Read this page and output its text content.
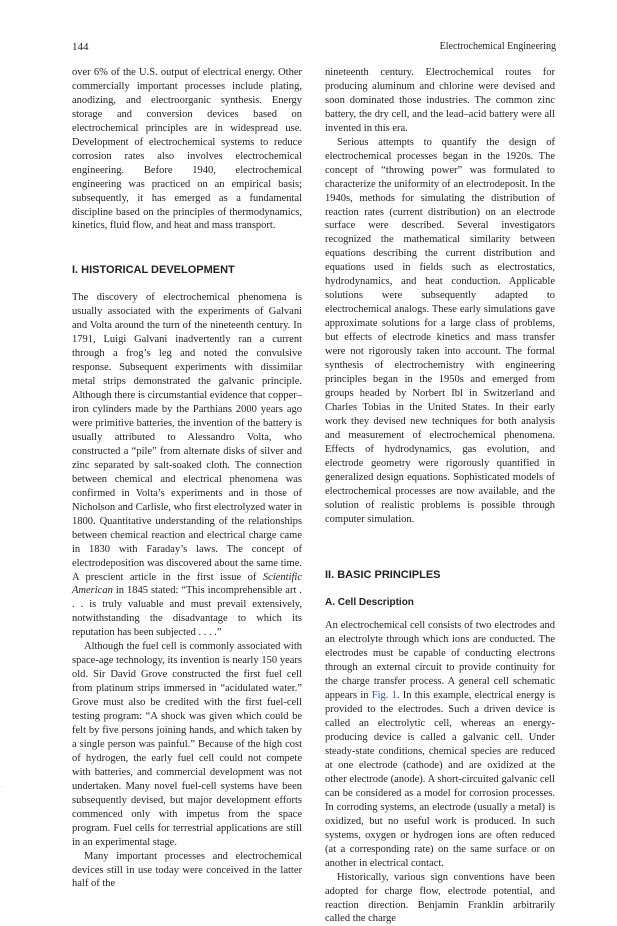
144	Electrochemical Engineering

over 6% of the U.S. output of electrical energy. Other commercially important processes include plating, anodizing, and electroorganic synthesis. Energy storage and conversion devices based on electrochemical principles are in widespread use. Development of electrochemical systems to reduce corrosion rates also involves electrochemical engineering. Before 1940, electrochemical engineering was practiced on an empirical basis; subsequently, it has emerged as a fundamental discipline based on the principles of thermodynamics, kinetics, fluid flow, and heat and mass transport.

I. HISTORICAL DEVELOPMENT

The discovery of electrochemical phenomena is usually associated with the experiments of Galvani and Volta around the turn of the nineteenth century. In 1791, Luigi Galvani inadvertently ran a current through a frog’s leg and noted the convulsive response. Subsequent experiments with dissimilar metal strips demonstrated the galvanic principle. Although there is circumstantial evidence that copper–iron cylinders made by the Parthians 2000 years ago were primitive batteries, the invention of the battery is usually attributed to Alessandro Volta, who constructed a “pile” from alternate disks of silver and zinc separated by salt-soaked cloth. The connection between chemical and electrical phenomena was confirmed in Volta’s experiments and in those of Nicholson and Carlisle, who first electrolyzed water in 1800. Quantitative understanding of the relationships between chemical reaction and electrical charge came in 1830 with Faraday’s laws. The concept of electrodeposition was discovered about the same time. A prescient article in the first issue of Scientific American in 1845 stated: “This incomprehensible art . . . is truly valuable and must prevail extensively, notwithstanding the disadvantage to which its reputation has been subjected . . . .”

Although the fuel cell is commonly associated with space-age technology, its invention is nearly 150 years old. Sir David Grove constructed the first fuel cell from platinum strips immersed in “acidulated water.” Grove must also be credited with the first fuel-cell testing program: “A shock was given which could be felt by five persons joining hands, and which taken by a single person was painful.” Because of the high cost of hydrogen, the early fuel cell could not compete with batteries, and commercial development was not undertaken. Many novel fuel-cell systems have been subsequently devised, but major development efforts commenced only with impetus from the space program. Fuel cells for terrestrial applications are still in an experimental stage.

Many important processes and electrochemical devices still in use today were conceived in the latter half of the

nineteenth century. Electrochemical routes for producing aluminum and chlorine were devised and soon dominated those industries. The common zinc battery, the dry cell, and the lead–acid battery were all invented in this era.

Serious attempts to quantify the design of electrochemical processes began in the 1920s. The concept of “throwing power” was formulated to characterize the uniformity of an electrodeposit. In the 1940s, methods for simulating the distribution of reaction rates (current distribution) on an electrode surface were described. Several investigators recognized the mathematical similarity between equations describing the current distribution and equations used in fields such as electrostatics, hydrodynamics, and heat conduction. Applicable solutions were subsequently adapted to electrochemical analogs. These early simulations gave approximate solutions for a large class of problems, but effects of electrode kinetics and mass transfer were not rigorously taken into account. The formal synthesis of electrochemistry with engineering principles began in the 1950s and emerged from groups headed by Norbert Ibl in Switzerland and Charles Tobias in the United States. In their early work they devised new techniques for both analysis and measurement of electrochemical phenomena. Effects of hydrodynamics, gas evolution, and electrode geometry were rigorously quantified in generalized design equations. Sophisticated models of electrochemical processes are now available, and the solution of realistic problems is possible through computer simulation.

II. BASIC PRINCIPLES
A. Cell Description

An electrochemical cell consists of two electrodes and an electrolyte through which ions are conducted. The electrodes must be capable of conducting electrons through an external circuit to provide continuity for the charge transfer process. A general cell schematic appears in Fig. 1. In this example, electrical energy is provided to the electrodes. Such a driven device is called an electrolytic cell, whereas an energy-producing device is called a galvanic cell. Under steady-state conditions, chemical species are reduced at one electrode (cathode) and are oxidized at the other electrode (anode). A short-circuited galvanic cell can be considered as a model for corrosion processes. In corroding systems, an electrode (usually a metal) is oxidized, but no useful work is produced. In such systems, oxygen or hydrogen ions are often reduced (at a corresponding rate) on the same surface or on another in electrical contact.

Historically, various sign conventions have been adopted for charge flow, electrode potential, and reaction direction. Benjamin Franklin arbitrarily called the charge

·
